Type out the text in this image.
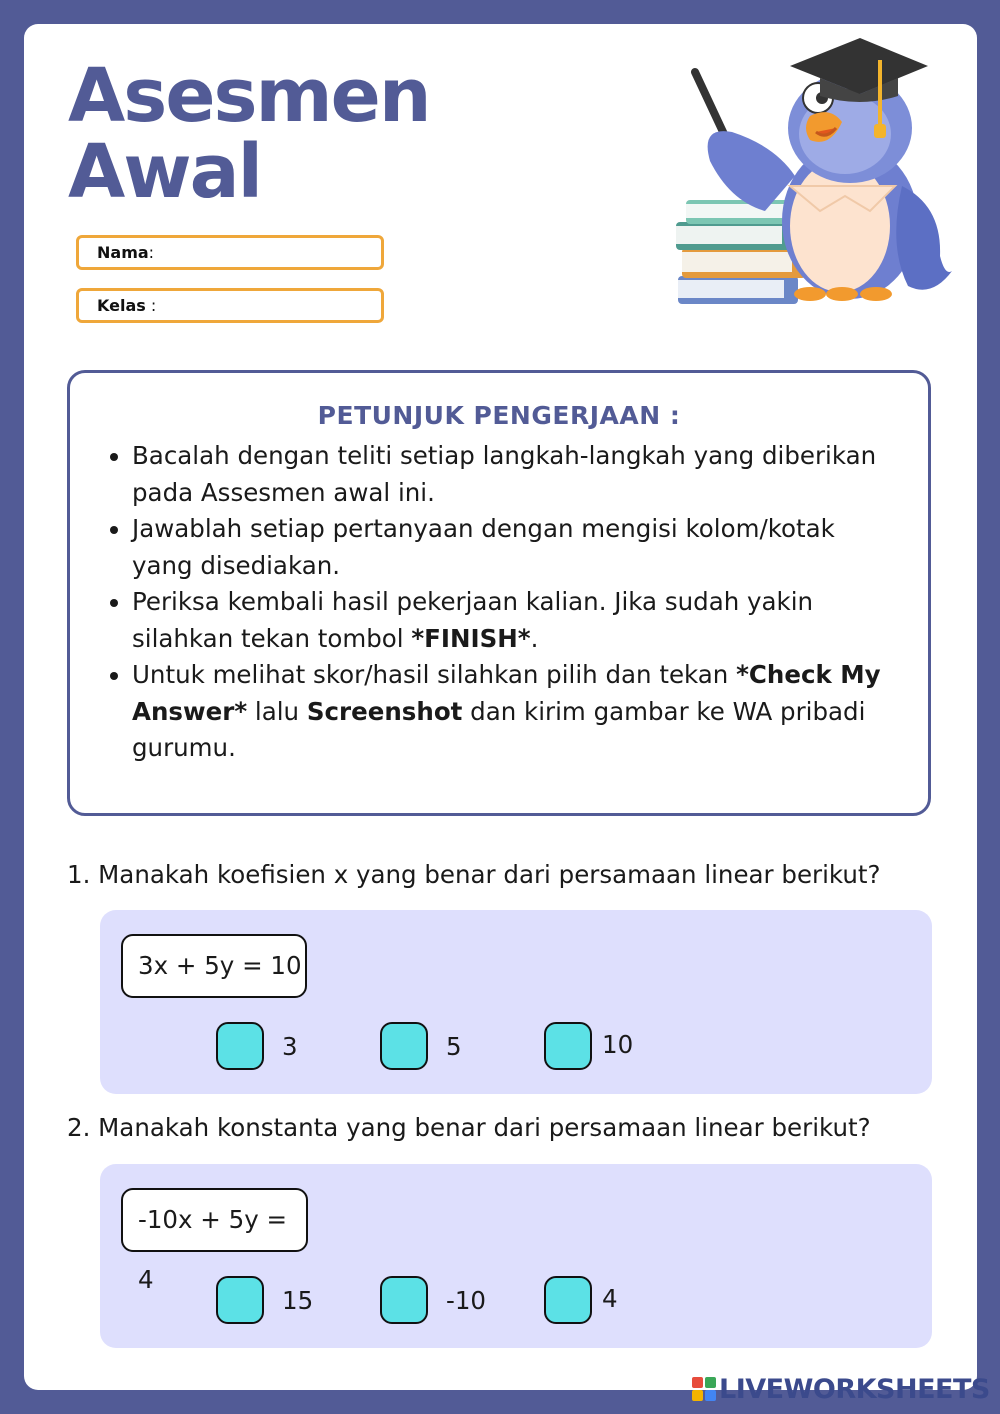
Asesmen
Awal
Nama:
Kelas :
PETUNJUK PENGERJAAN :
• Bacalah dengan teliti setiap langkah-langkah yang diberikan pada Assesmen awal ini.
• Jawablah setiap pertanyaan dengan mengisi kolom/kotak yang disediakan.
• Periksa kembali hasil pekerjaan kalian. Jika sudah yakin silahkan tekan tombol *FINISH*.
• Untuk melihat skor/hasil silahkan pilih dan tekan *Check My Answer* lalu Screenshot dan kirim gambar ke WA pribadi gurumu.

1. Manakah koefisien x yang benar dari persamaan linear berikut?

3x + 5y = 10
3	5	10

2. Manakah konstanta yang benar dari persamaan linear berikut?

-10x + 5y = 4
15	-10	4
LIVEWORKSHEETS
